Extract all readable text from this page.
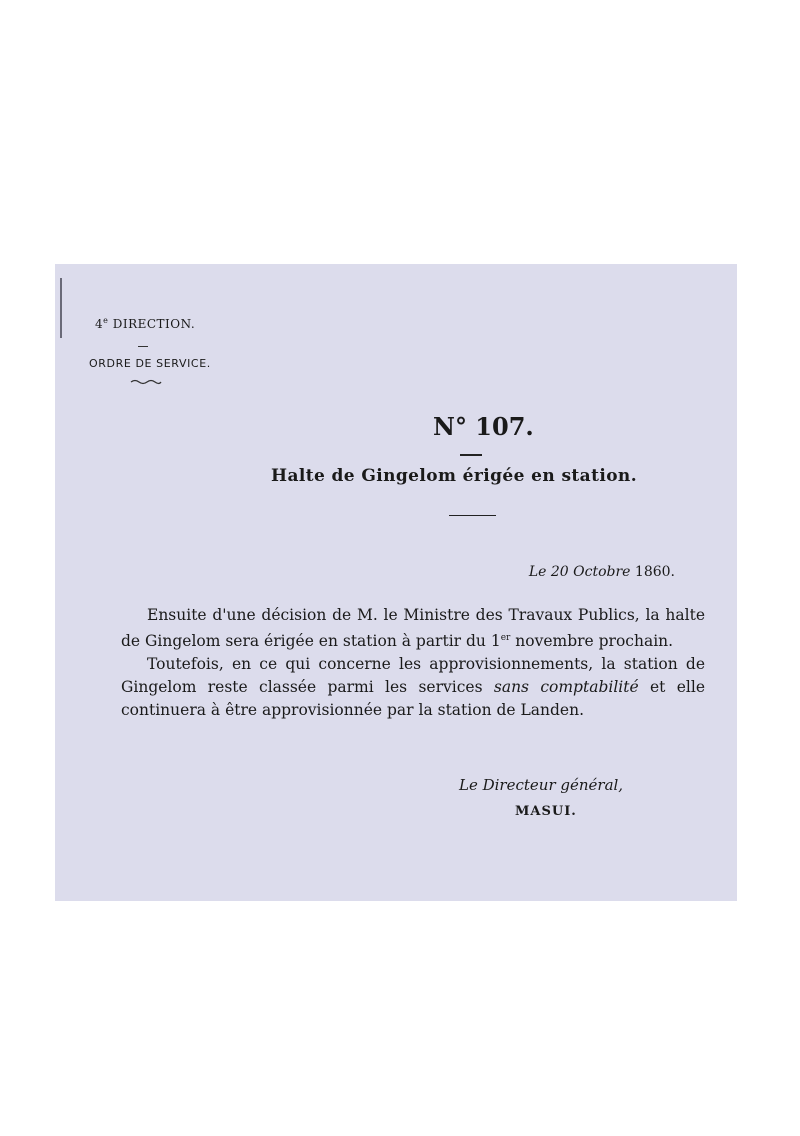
4e DIRECTION.
ORDRE DE SERVICE.
N° 107.
Halte de Gingelom érigée en station.
Le 20 Octobre 1860.

Ensuite d'une décision de M. le Ministre des Travaux Publics, la halte de Gingelom sera érigée en station à partir du 1er novembre prochain.

Toutefois, en ce qui concerne les approvisionnements, la station de Gingelom reste classée parmi les services sans comptabilité et elle continuera à être approvisionnée par la station de Landen.

Le Directeur général,
MASUI.
